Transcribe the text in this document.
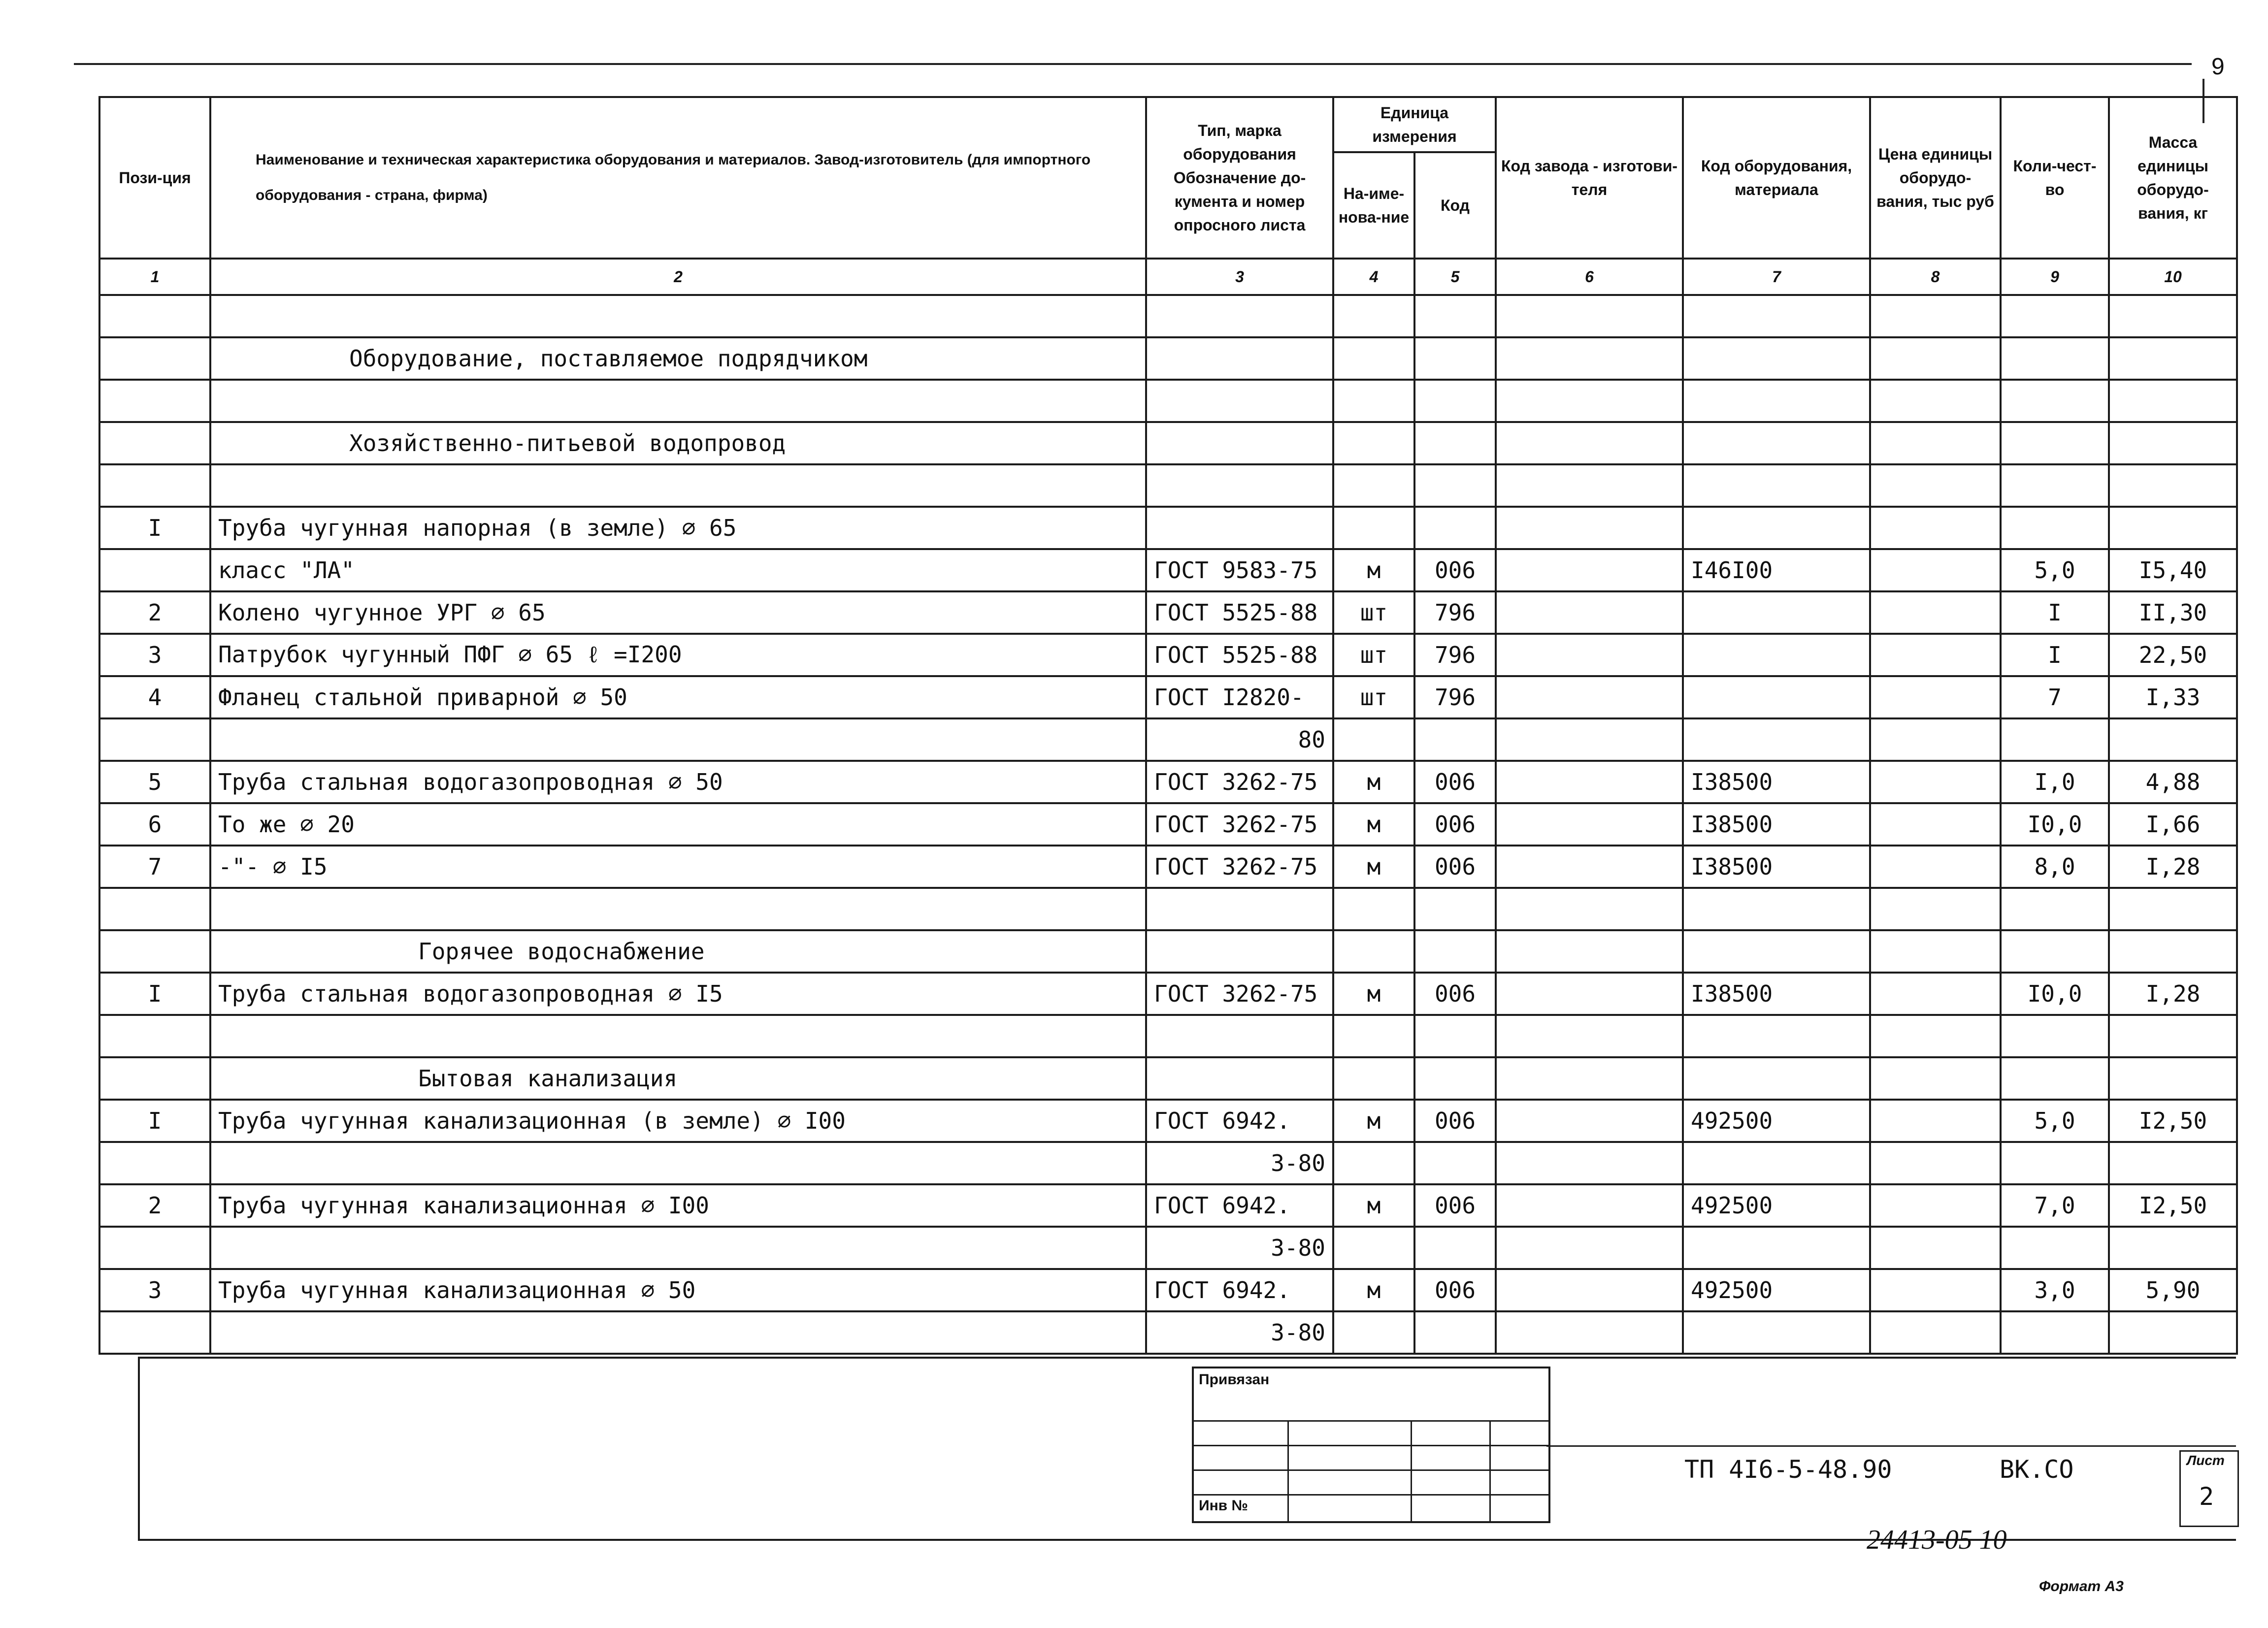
9
Пози-ция	Наименование и техническая характеристика оборудования и материалов. Завод-изготовитель (для импортного оборудования - страна, фирма)	Тип, марка оборудования Обозначение до-кумента и номер опросного листа	Единица измерения		Код завода - изготови-теля	Код оборудования, материала	Цена единицы оборудо-вания, тыс руб	Коли-чест-во	Масса единицы оборудо-вания, кг
			На-име-нова-ние	Код					
1	2	3	4	5	6	7	8	9	10

	Оборудование, поставляемое подрядчиком								

	Хозяйственно-питьевой водопровод								

I	Труба чугунная напорная (в земле) ⌀ 65								
	класс "ЛА"	ГОСТ 9583-75	м	006		I46I00		5,0	I5,40
2	Колено чугунное УРГ ⌀ 65	ГОСТ 5525-88	шт	796				I	II,30
3	Патрубок чугунный ПФГ ⌀ 65 ℓ =I200	ГОСТ 5525-88	шт	796				I	22,50
4	Фланец стальной приварной ⌀ 50	ГОСТ I2820-	шт	796				7	I,33
		80							
5	Труба стальная водогазопроводная ⌀ 50	ГОСТ 3262-75	м	006		I38500		I,0	4,88
6	То же ⌀ 20	ГОСТ 3262-75	м	006		I38500		I0,0	I,66
7	-"- ⌀ I5	ГОСТ 3262-75	м	006		I38500		8,0	I,28

	Горячее водоснабжение								
I	Труба стальная водогазопроводная ⌀ I5	ГОСТ 3262-75	м	006		I38500		I0,0	I,28

	Бытовая канализация								
I	Труба чугунная канализационная (в земле) ⌀ I00	ГОСТ 6942.	м	006		492500		5,0	I2,50
		3-80							
2	Труба чугунная канализационная ⌀ I00	ГОСТ 6942.	м	006		492500		7,0	I2,50
		3-80							
3	Труба чугунная канализационная ⌀ 50	ГОСТ 6942.	м	006		492500		3,0	5,90
		3-80							
Привязан
Инв №
ТП 4I6-5-48.90	ВК.СО	Лист
2
24413-05 10
Формат А3
